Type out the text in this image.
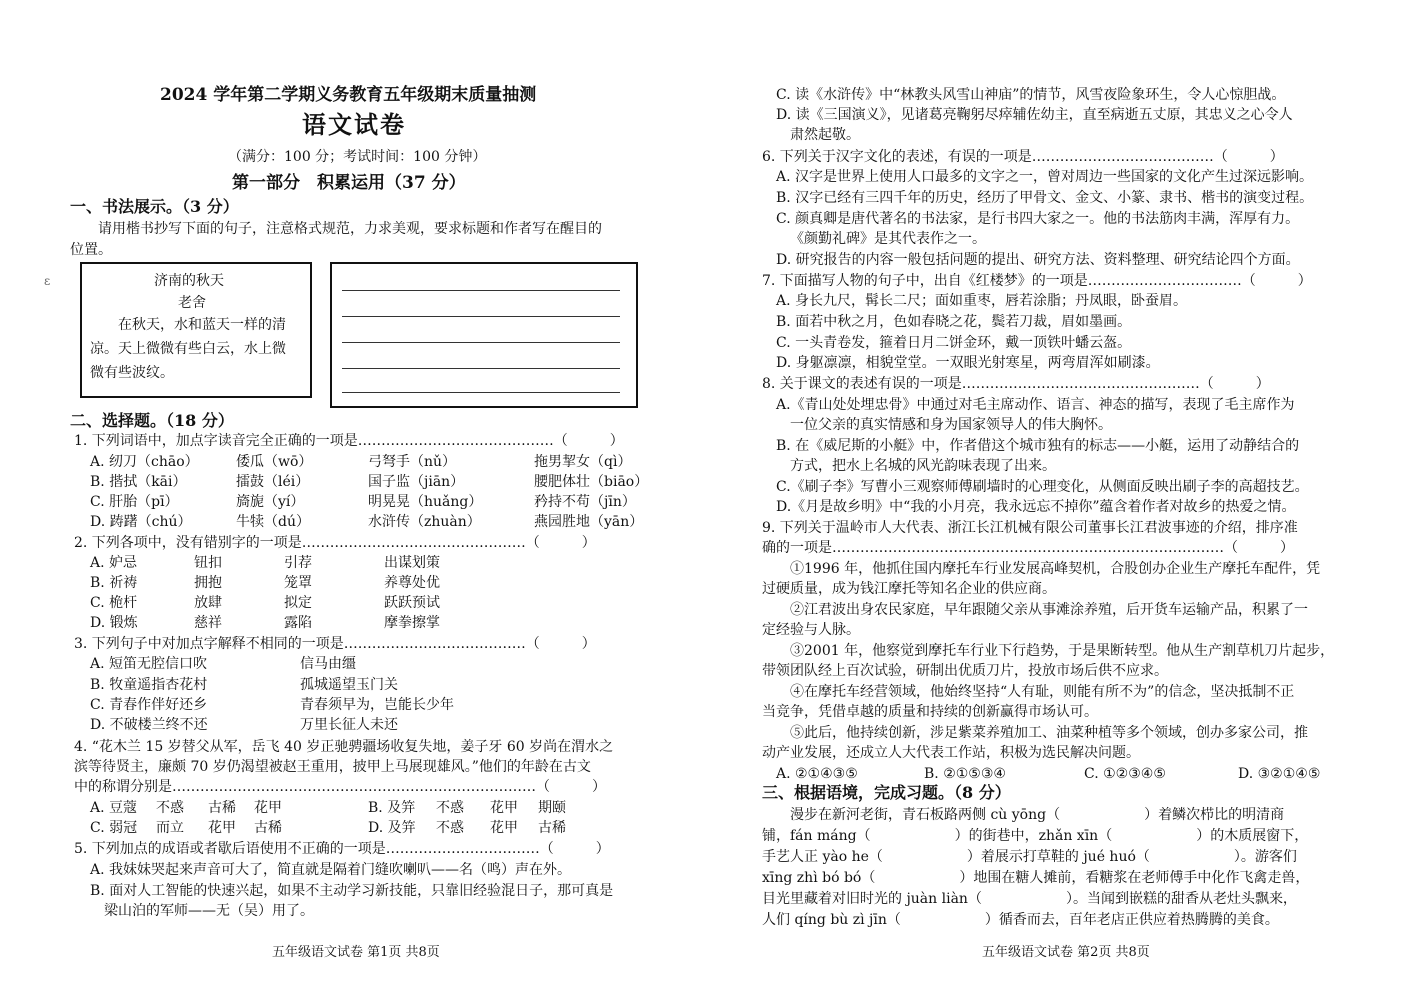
2024 学年第二学期义务教育五年级期末质量抽测
语文试卷
（满分：100 分；考试时间：100 分钟）
第一部分　积累运用（37 分）
一、书法展示。（3 分）
请用楷书抄写下面的句子，注意格式规范，力求美观，要求标题和作者写在醒目的
位置。
ε	济南的秋天
老舍
在秋天，水和蓝天一样的清
凉。天上微微有些白云，水上微
微有些波纹。
二、选择题。（18 分）
1. 下列词语中，加点字读音完全正确的一项是……………………………………（　　　）
A. 纫刀（chāo）	倭瓜（wō）	弓弩手（nǔ）	拖男挈女（qì）
B. 揩拭（kāi）	擂鼓（léi）	国子监（jiān）	腰肥体壮（biāo）
C. 肝胎（pī）	旖旎（yí）	明晃晃（huǎng）	矜持不苟（jīn）
D. 踌躇（chú）	牛犊（dú）	水浒传（zhuàn）	燕园胜地（yān）
2. 下列各项中，没有错别字的一项是…………………………………………（　　　）
A. 妒忌	钮扣	引荐	出谋划策
B. 祈祷	拥抱	笼罩	养尊处优
C. 桅杆	放肆	拟定	跃跃预试
D. 锻炼	慈祥	露陷	摩拳擦掌
3. 下列句子中对加点字解释不相同的一项是…………………………………（　　　）
A. 短笛无腔信口吹	信马由缰
B. 牧童遥指杏花村	孤城遥望玉门关
C. 青春作伴好还乡	青春须早为，岂能长少年
D. 不破楼兰终不还	万里长征人未还
4. “花木兰 15 岁替父从军，岳飞 40 岁正驰骋疆场收复失地，姜子牙 60 岁尚在渭水之
滨等待贤主，廉颇 70 岁仍渴望被赵王重用，披甲上马展现雄风。”他们的年龄在古文
中的称谓分别是……………………………………………………………………（　　　）
A. 豆蔻 不惑 古稀 花甲	B. 及笄 不惑 花甲 期颐
C. 弱冠 而立 花甲 古稀	D. 及笄 不惑 花甲 古稀
5. 下列加点的成语或者歇后语使用不正确的一项是……………………………（　　　）
A. 我妹妹哭起来声音可大了，简直就是隔着门缝吹喇叭——名（鸣）声在外。
B. 面对人工智能的快速兴起，如果不主动学习新技能，只靠旧经验混日子，那可真是
梁山泊的军师——无（吴）用了。
五年级语文试卷 第1页 共8页
C. 读《水浒传》中“林教头风雪山神庙”的情节，风雪夜险象环生，令人心惊胆战。
D. 读《三国演义》，见诸葛亮鞠躬尽瘁辅佐幼主，直至病逝五丈原，其忠义之心令人
肃然起敬。
6. 下列关于汉字文化的表述，有误的一项是…………………………………（　　　）
A. 汉字是世界上使用人口最多的文字之一，曾对周边一些国家的文化产生过深远影响。
B. 汉字已经有三四千年的历史，经历了甲骨文、金文、小篆、隶书、楷书的演变过程。
C. 颜真卿是唐代著名的书法家，是行书四大家之一。他的书法筋肉丰满，浑厚有力。
《颜勤礼碑》是其代表作之一。
D. 研究报告的内容一般包括问题的提出、研究方法、资料整理、研究结论四个方面。
7. 下面描写人物的句子中，出自《红楼梦》的一项是……………………………（　　　）
A. 身长九尺，髯长二尺；面如重枣，唇若涂脂；丹凤眼，卧蚕眉。
B. 面若中秋之月，色如春晓之花，鬓若刀裁，眉如墨画。
C. 一头青卷发，箍着日月二饼金环，戴一顶铁叶蟠云盔。
D. 身躯凛凛，相貌堂堂。一双眼光射寒星，两弯眉浑如刷漆。
8. 关于课文的表述有误的一项是……………………………………………（　　　）
A.《青山处处埋忠骨》中通过对毛主席动作、语言、神态的描写，表现了毛主席作为
一位父亲的真实情感和身为国家领导人的伟大胸怀。
B. 在《威尼斯的小艇》中，作者借这个城市独有的标志——小艇，运用了动静结合的
方式，把水上名城的风光韵味表现了出来。
C.《刷子李》写曹小三观察师傅刷墙时的心理变化，从侧面反映出刷子李的高超技艺。
D.《月是故乡明》中“我的小月亮，我永远忘不掉你”蕴含着作者对故乡的热爱之情。
9. 下列关于温岭市人大代表、浙江长江机械有限公司董事长江君波事迹的介绍，排序准
确的一项是…………………………………………………………………………（　　　）
①1996 年，他抓住国内摩托车行业发展高峰契机，合股创办企业生产摩托车配件，凭
过硬质量，成为钱江摩托等知名企业的供应商。
②江君波出身农民家庭，早年跟随父亲从事滩涂养殖，后开货车运输产品，积累了一
定经验与人脉。
③2001 年，他察觉到摩托车行业下行趋势，于是果断转型。他从生产割草机刀片起步，
带领团队经上百次试验，研制出优质刀片，投放市场后供不应求。
④在摩托车经营领域，他始终坚持“人有耻，则能有所不为”的信念，坚决抵制不正
当竞争，凭借卓越的质量和持续的创新赢得市场认可。
⑤此后，他持续创新，涉足紫菜养殖加工、油菜种植等多个领域，创办多家公司，推
动产业发展，还成立人大代表工作站，积极为选民解决问题。
A. ②①④③⑤	B. ②①⑤③④	C. ①②③④⑤	D. ③②①④⑤
三、根据语境，完成习题。（8 分）
漫步在新河老街，青石板路两侧 cù yōng（　　　　　　）着鳞次栉比的明清商
铺，fán máng（　　　　　　）的街巷中，zhǎn xīn（　　　　　　）的木质展窗下，
手艺人正 yào he（　　　　　　）着展示打草鞋的 jué huó（　　　　　　）。游客们
xīng zhì bó bó（　　　　　　）地围在糖人摊前，看糖浆在老师傅手中化作飞禽走兽，
目光里藏着对旧时光的 juàn liàn（　　　　　　）。当闻到嵌糕的甜香从老灶头飘来，
人们 qíng bù zì jīn（　　　　　　）循香而去，百年老店正供应着热腾腾的美食。
五年级语文试卷 第2页 共8页
